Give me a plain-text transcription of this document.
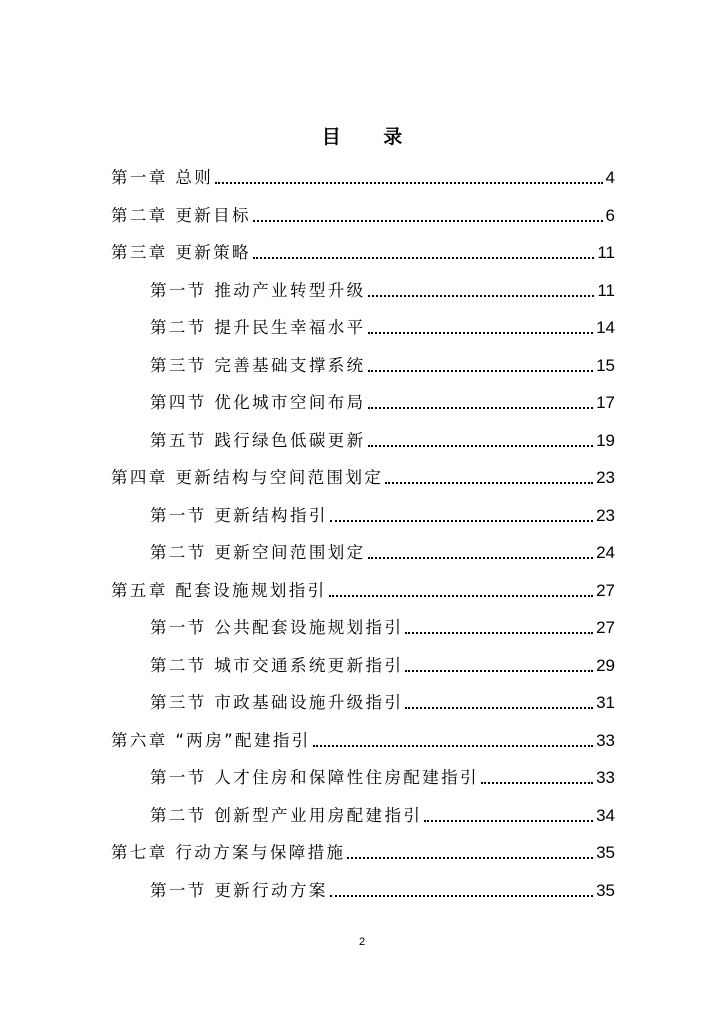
目 录
第一章 总则	4
第二章 更新目标	6
第三章 更新策略	11
第一节 推动产业转型升级	11
第二节 提升民生幸福水平	14
第三节 完善基础支撑系统	15
第四节 优化城市空间布局	17
第五节 践行绿色低碳更新	19
第四章 更新结构与空间范围划定	23
第一节 更新结构指引	23
第二节 更新空间范围划定	24
第五章 配套设施规划指引	27
第一节 公共配套设施规划指引	27
第二节 城市交通系统更新指引	29
第三节 市政基础设施升级指引	31
第六章 “两房”配建指引	33
第一节 人才住房和保障性住房配建指引	33
第二节 创新型产业用房配建指引	34
第七章 行动方案与保障措施	35
第一节 更新行动方案	35
2
